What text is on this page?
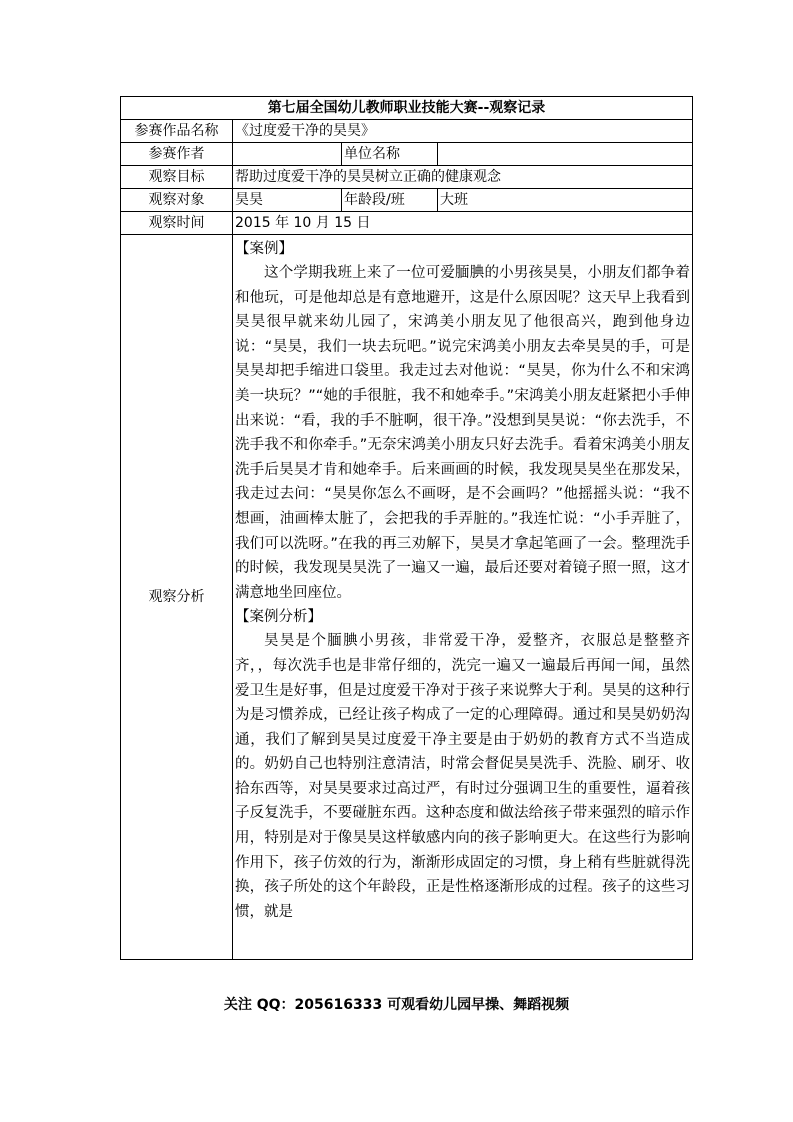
第七届全国幼儿教师职业技能大赛--观察记录			
参赛作品名称	《过度爱干净的昊昊》		
参赛作者		单位名称	
观察目标	帮助过度爱干净的昊昊树立正确的健康观念		
观察对象	昊昊	年龄段/班	大班
观察时间	2015 年 10 月 15 日		
观察分析	【案例】

这个学期我班上来了一位可爱腼腆的小男孩昊昊，小朋友们都争着和他玩，可是他却总是有意地避开，这是什么原因呢？这天早上我看到昊昊很早就来幼儿园了，宋鸿美小朋友见了他很高兴，跑到他身边说：“昊昊，我们一块去玩吧。”说完宋鸿美小朋友去牵昊昊的手，可是昊昊却把手缩进口袋里。我走过去对他说：“昊昊，你为什么不和宋鸿美一块玩？”“她的手很脏，我不和她牵手。”宋鸿美小朋友赶紧把小手伸出来说：“看，我的手不脏啊，很干净。”没想到昊昊说：“你去洗手，不洗手我不和你牵手。”无奈宋鸿美小朋友只好去洗手。看着宋鸿美小朋友洗手后昊昊才肯和她牵手。后来画画的时候，我发现昊昊坐在那发呆，我走过去问：“昊昊你怎么不画呀，是不会画吗？”他摇摇头说：“我不想画，油画棒太脏了，会把我的手弄脏的。”我连忙说：“小手弄脏了，我们可以洗呀。”在我的再三劝解下，昊昊才拿起笔画了一会。整理洗手的时候，我发现昊昊洗了一遍又一遍，最后还要对着镜子照一照，这才满意地坐回座位。

【案例分析】

昊昊是个腼腆小男孩，非常爱干净，爱整齐，衣服总是整整齐齐，，每次洗手也是非常仔细的，洗完一遍又一遍最后再闻一闻，虽然爱卫生是好事，但是过度爱干净对于孩子来说弊大于利。昊昊的这种行为是习惯养成，已经让孩子构成了一定的心理障碍。通过和昊昊奶奶沟通，我们了解到昊昊过度爱干净主要是由于奶奶的教育方式不当造成的。奶奶自己也特别注意清洁，时常会督促昊昊洗手、洗脸、刷牙、收拾东西等，对昊昊要求过高过严，有时过分强调卫生的重要性，逼着孩子反复洗手，不要碰脏东西。这种态度和做法给孩子带来强烈的暗示作用，特别是对于像昊昊这样敏感内向的孩子影响更大。在这些行为影响作用下，孩子仿效的行为，渐渐形成固定的习惯，身上稍有些脏就得洗换，孩子所处的这个年龄段，正是性格逐渐形成的过程。孩子的这些习惯，就是		

关注 QQ：205616333 可观看幼儿园早操、舞蹈视频
